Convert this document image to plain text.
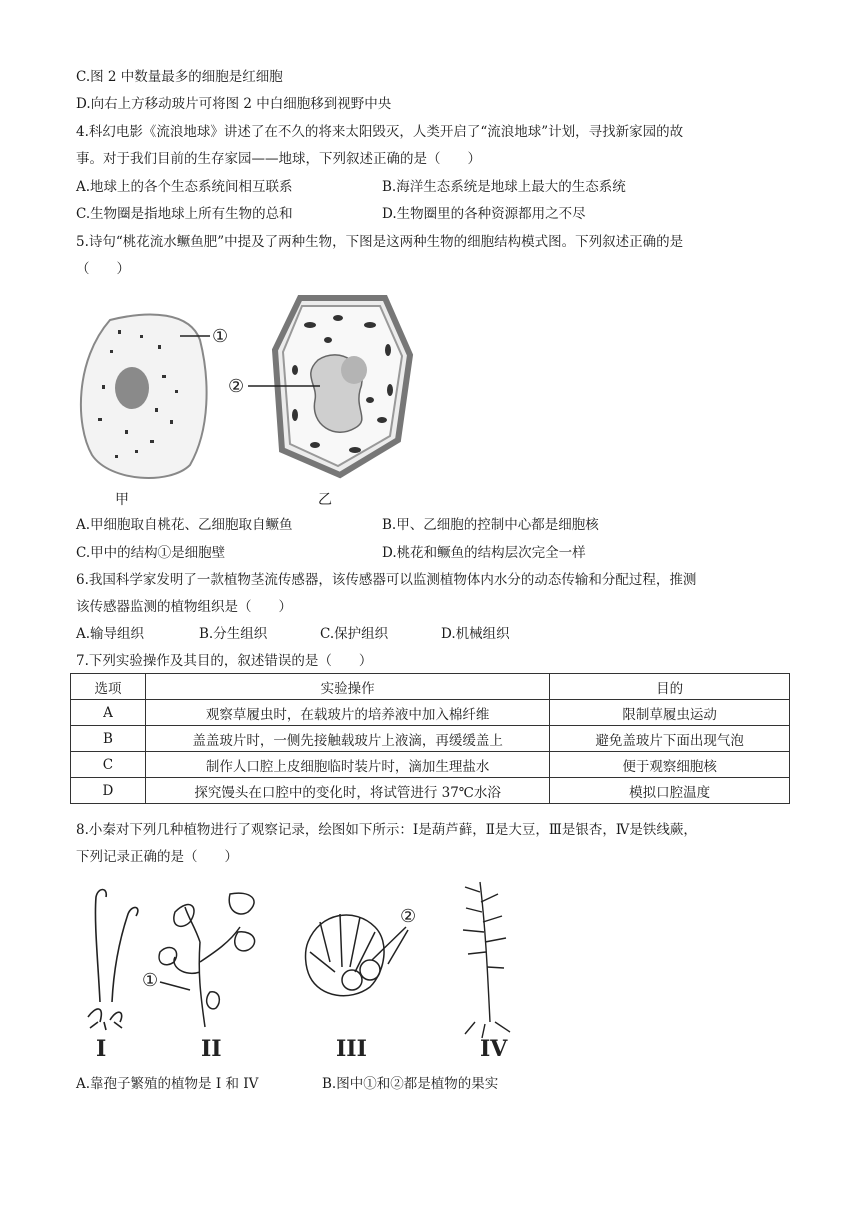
C.图 2 中数量最多的细胞是红细胞
D.向右上方移动玻片可将图 2 中白细胞移到视野中央
4.科幻电影《流浪地球》讲述了在不久的将来太阳毁灭，人类开启了“流浪地球”计划，寻找新家园的故
事。对于我们目前的生存家园——地球，下列叙述正确的是（　　）
A.地球上的各个生态系统间相互联系	B.海洋生态系统是地球上最大的生态系统
C.生物圈是指地球上所有生物的总和	D.生物圈里的各种资源都用之不尽
5.诗句“桃花流水鳜鱼肥”中提及了两种生物，下图是这两种生物的细胞结构模式图。下列叙述正确的是
（　　）
①
②
甲	乙
A.甲细胞取自桃花、乙细胞取自鳜鱼	B.甲、乙细胞的控制中心都是细胞核
C.甲中的结构①是细胞壁	D.桃花和鳜鱼的结构层次完全一样
6.我国科学家发明了一款植物茎流传感器，该传感器可以监测植物体内水分的动态传输和分配过程，推测
该传感器监测的植物组织是（　　）
A.输导组织	B.分生组织	C.保护组织	D.机械组织
7.下列实验操作及其目的，叙述错误的是（　　）
选项	实验操作	目的
A	观察草履虫时，在载玻片的培养液中加入棉纤维	限制草履虫运动
B	盖盖玻片时，一侧先接触载玻片上液滴，再缓缓盖上	避免盖玻片下面出现气泡
C	制作人口腔上皮细胞临时装片时，滴加生理盐水	便于观察细胞核
D	探究馒头在口腔中的变化时，将试管进行 37℃水浴	模拟口腔温度
8.小秦对下列几种植物进行了观察记录，绘图如下所示：Ⅰ是葫芦藓，Ⅱ是大豆，Ⅲ是银杏，Ⅳ是铁线蕨，
下列记录正确的是（　　）
①
②
I	II	III	IV
A.靠孢子繁殖的植物是 I 和 IV	B.图中①和②都是植物的果实
